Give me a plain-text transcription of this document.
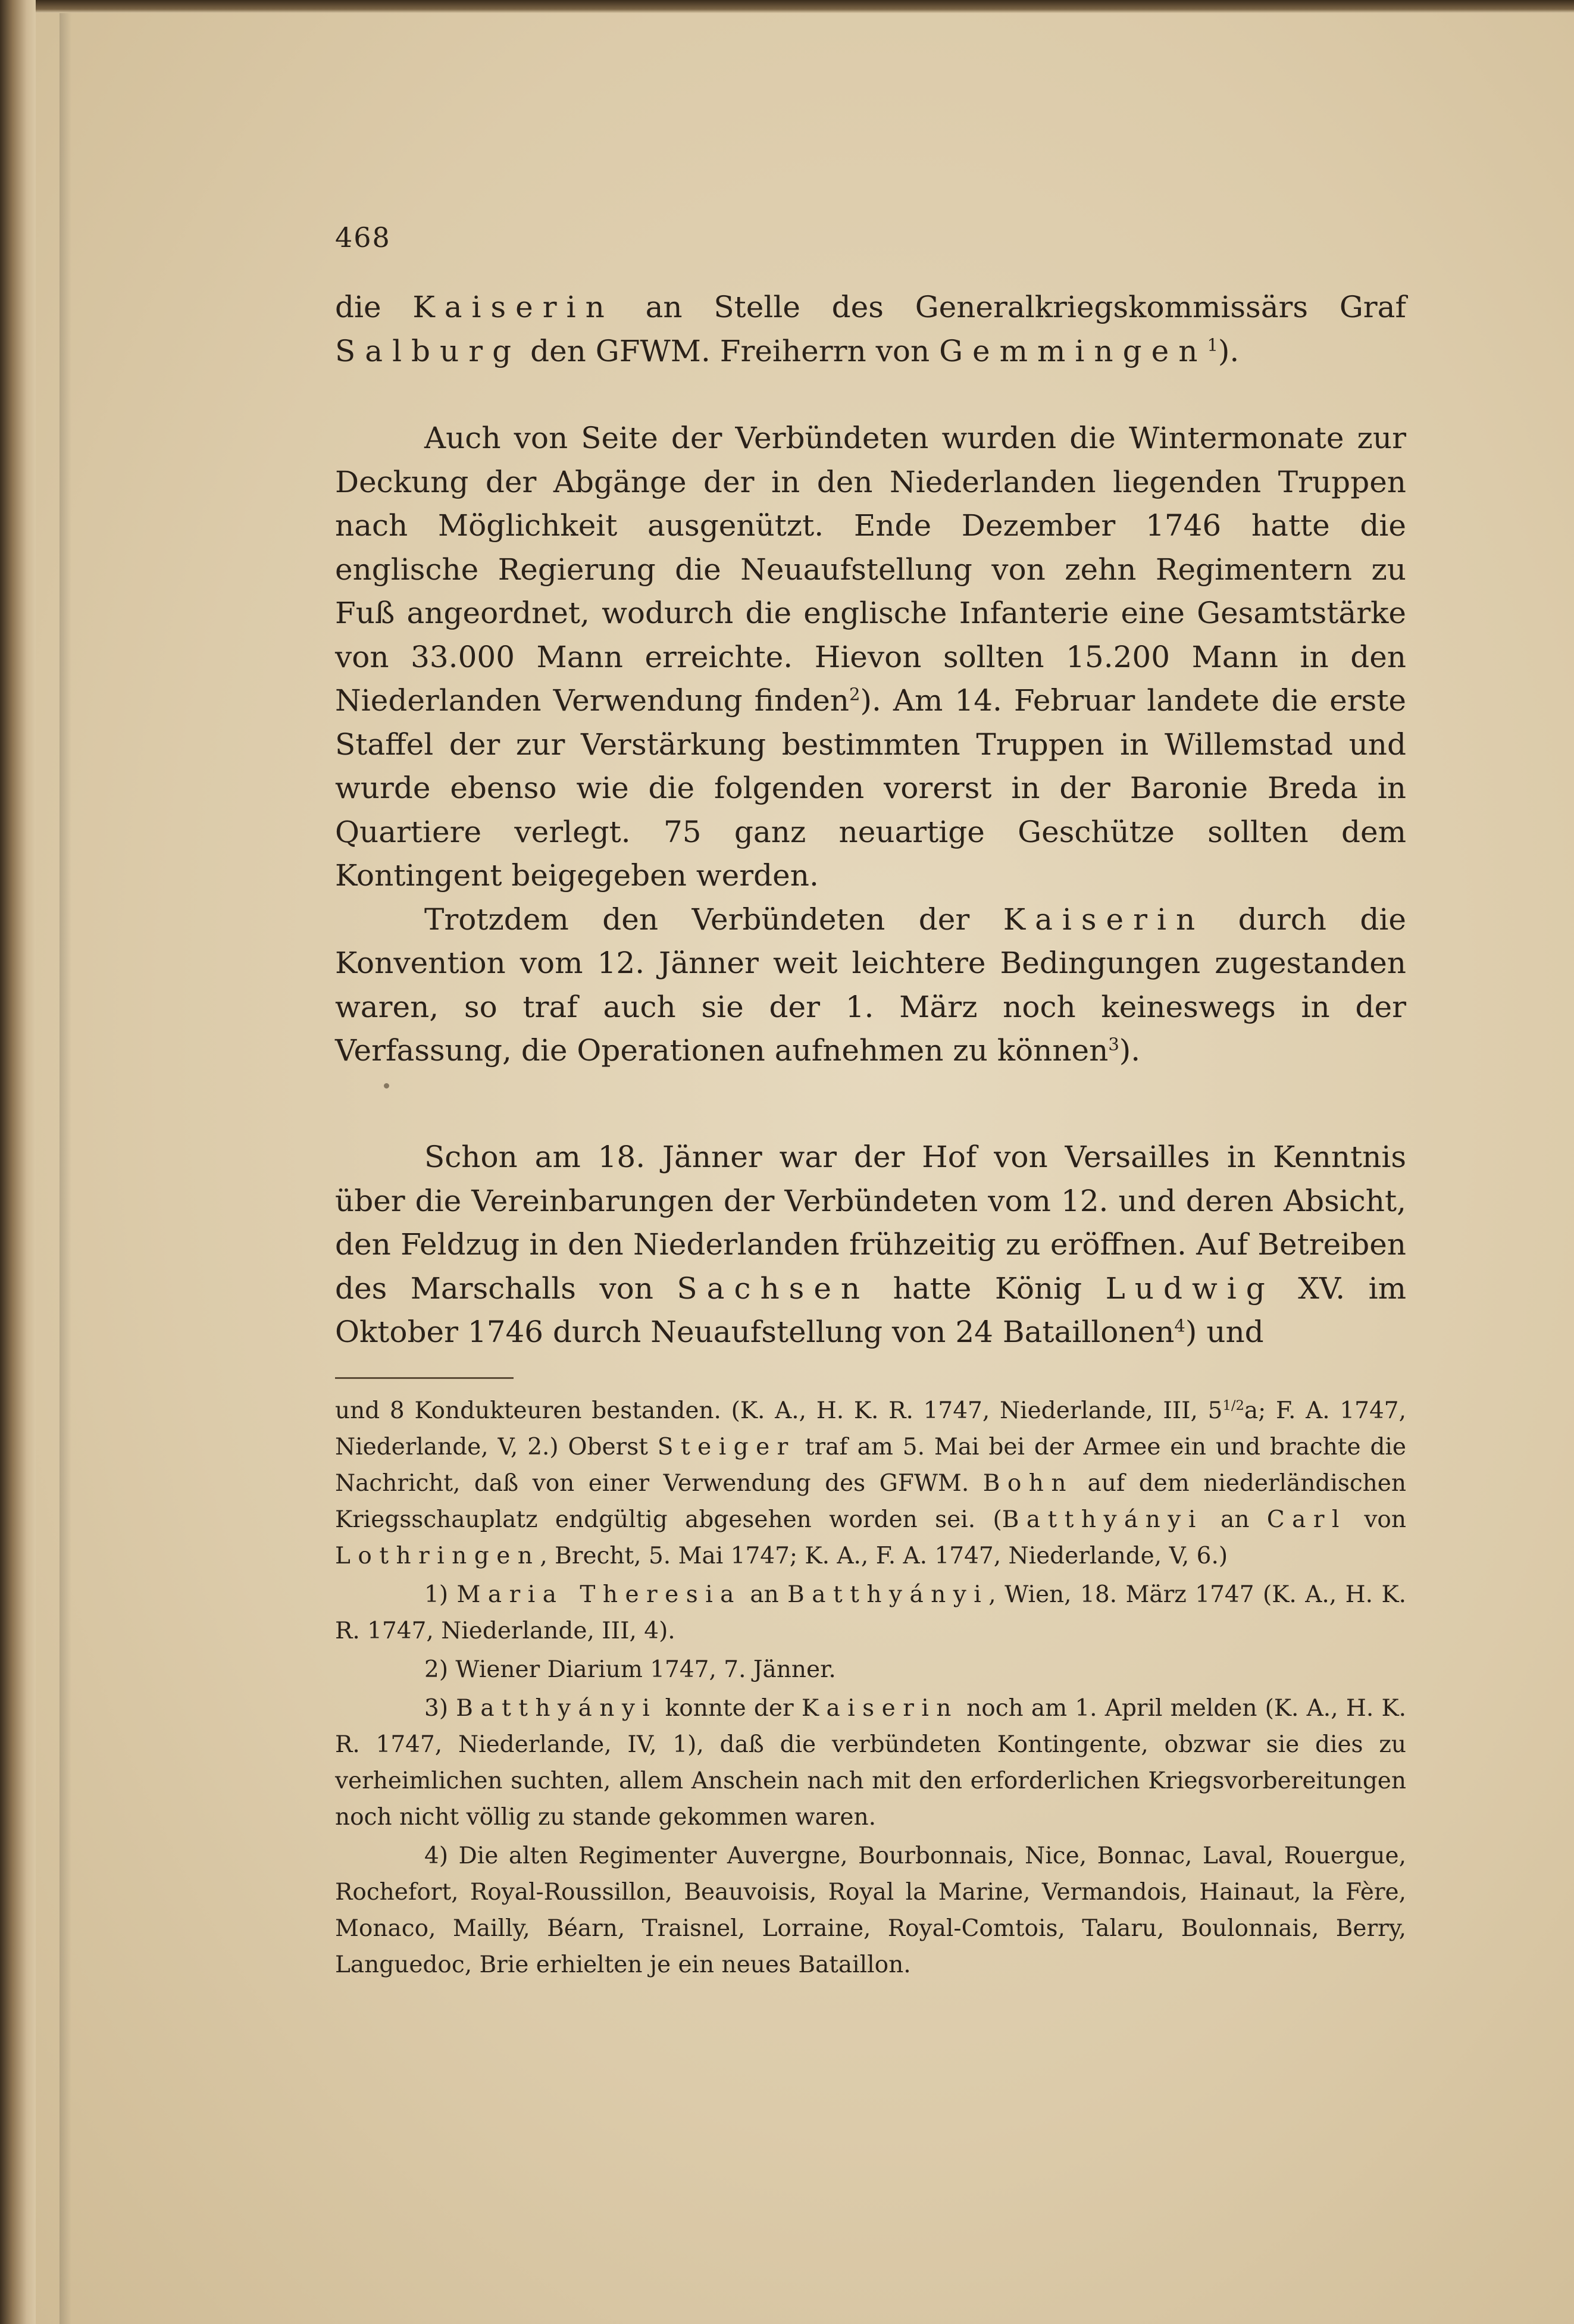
468

die Kaiserin an Stelle des Generalkriegskommissärs Graf Salburg den GFWM. Freiherrn von Gemmingen$^1$).

Auch von Seite der Verbündeten wurden die Wintermonate zur Deckung der Abgänge der in den Niederlanden liegenden Truppen nach Möglichkeit ausgenützt. Ende Dezember 1746 hatte die englische Regierung die Neuaufstellung von zehn Regimentern zu Fuß angeordnet, wodurch die englische Infanterie eine Gesamtstärke von 33.000 Mann erreichte. Hievon sollten 15.200 Mann in den Niederlanden Verwendung finden$^2$). Am 14. Februar landete die erste Staffel der zur Verstärkung bestimmten Truppen in Willemstad und wurde ebenso wie die folgenden vorerst in der Baronie Breda in Quartiere verlegt. 75 ganz neuartige Geschütze sollten dem Kontingent beigegeben werden.

Trotzdem den Verbündeten der Kaiserin durch die Konvention vom 12. Jänner weit leichtere Bedingungen zugestanden waren, so traf auch sie der 1. März noch keineswegs in der Verfassung, die Operationen aufnehmen zu können$^3$).

Schon am 18. Jänner war der Hof von Versailles in Kenntnis über die Vereinbarungen der Verbündeten vom 12. und deren Absicht, den Feldzug in den Niederlanden frühzeitig zu eröffnen. Auf Betreiben des Marschalls von Sachsen hatte König Ludwig XV. im Oktober 1746 durch Neuaufstellung von 24 Bataillonen$^4$) und

und 8 Kondukteuren bestanden. (K. A., H. K. R. 1747, Niederlande, III, $5^{1/2}a$; F. A. 1747, Niederlande, V, 2.) Oberst Steiger traf am 5. Mai bei der Armee ein und brachte die Nachricht, daß von einer Verwendung des GFWM. Bohn auf dem niederländischen Kriegsschauplatz endgültig abgesehen worden sei. (Batthyányi an Carl von Lothringen, Brecht, 5. Mai 1747; K. A., F. A. 1747, Niederlande, V, 6.)

1) Maria Theresia an Batthyányi, Wien, 18. März 1747 (K. A., H. K. R. 1747, Niederlande, III, 4).

2) Wiener Diarium 1747, 7. Jänner.

3) Batthyányi konnte der Kaiserin noch am 1. April melden (K. A., H. K. R. 1747, Niederlande, IV, 1), daß die verbündeten Kontingente, obzwar sie dies zu verheimlichen suchten, allem Anschein nach mit den erforderlichen Kriegsvorbereitungen noch nicht völlig zu stande gekommen waren.

4) Die alten Regimenter Auvergne, Bourbonnais, Nice, Bonnac, Laval, Rouergue, Rochefort, Royal-Roussillon, Beauvoisis, Royal la Marine, Vermandois, Hainaut, la Fère, Monaco, Mailly, Béarn, Traisnel, Lorraine, Royal-Comtois, Talaru, Boulonnais, Berry, Languedoc, Brie erhielten je ein neues Bataillon.
